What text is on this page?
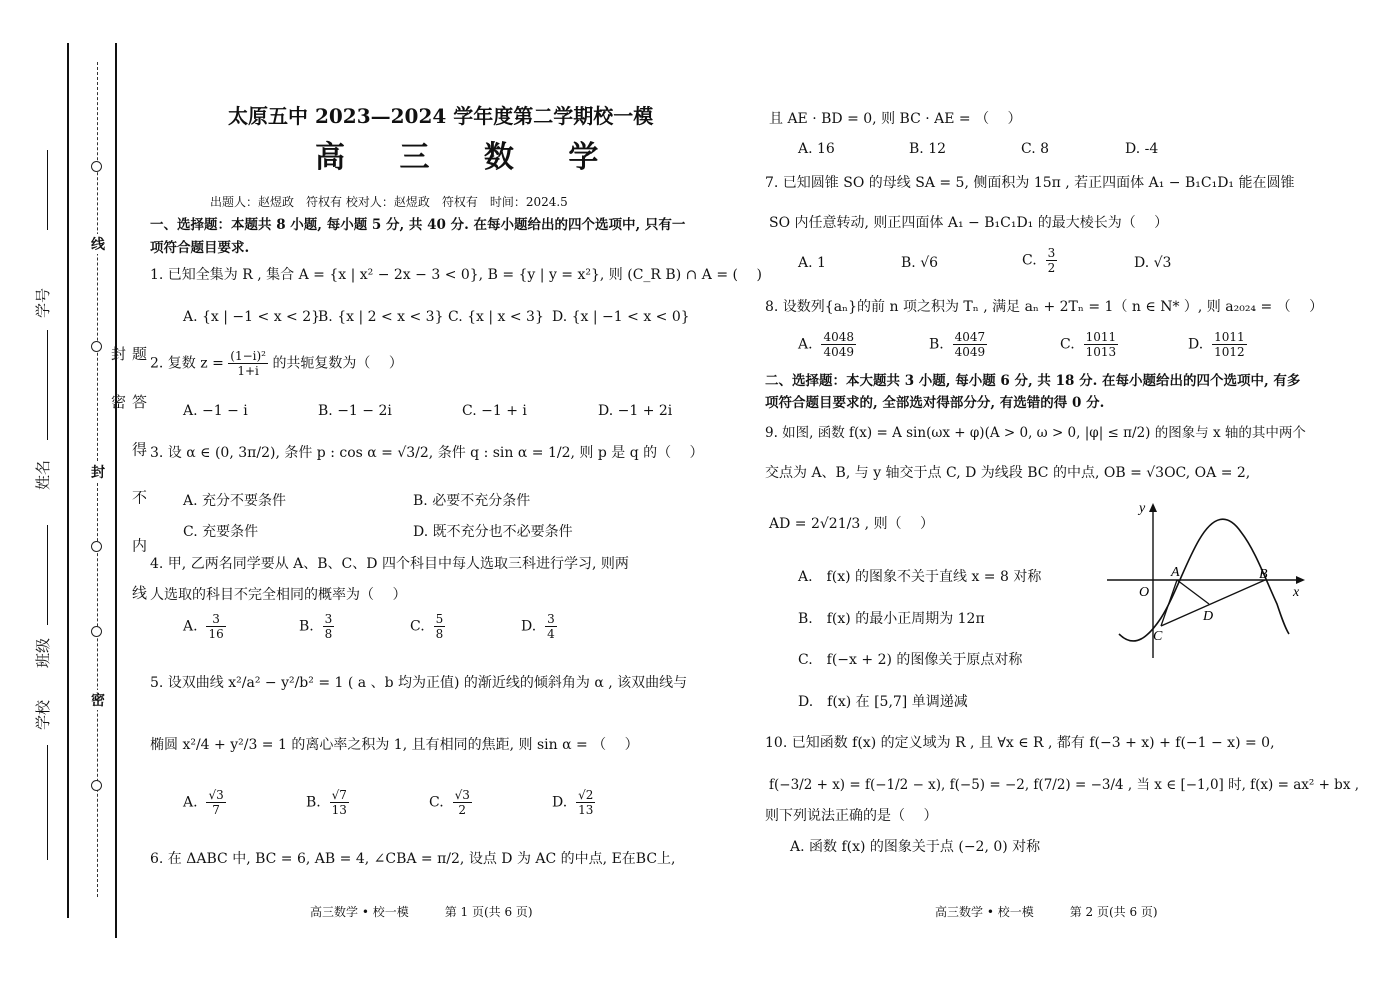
学号
姓名
班级
学校
线
封
密
题 答 得 不 内 线 封 密
太原五中 2023—2024 学年度第二学期校一模
高 三 数 学
出题人：赵煜政　符权有 校对人：赵煜政　符权有　时间：2024.5
一、选择题：本题共 8 小题, 每小题 5 分, 共 40 分. 在每小题给出的四个选项中, 只有一
项符合题目要求.
1. 已知全集为 R , 集合 A = {x | x² − 2x − 3 < 0}, B = {y | y = x²}, 则 (C_R B) ∩ A = (　 )
A. {x | −1 < x < 2}
B. {x | 2 < x < 3} C. {x | x < 3} D. {x | −1 < x < 0}
2. 复数 $z = \frac{\text{(1−i)²}}{1+i}$ 的共轭复数为（　 ）
A. −1 − i	B. −1 − 2i	C. −1 + i	D. −1 + 2i
3. 设 α ∈ (0, 3π/2), 条件 p : cos α = √3/2, 条件 q : sin α = 1/2, 则 p 是 q 的（　 ）
A. 充分不要条件	B. 必要不充分条件
C. 充要条件	D. 既不充分也不必要条件
4. 甲, 乙两名同学要从 A、B、C、D 四个科目中每人选取三科进行学习, 则两
人选取的科目不完全相同的概率为（　 ）
A. $\frac{3}{16}$	B. $\frac{3}{8}$	C. $\frac{5}{8}$	D. $\frac{3}{4}$
5. 设双曲线 x²/a² − y²/b² = 1 ( a 、b 均为正值) 的渐近线的倾斜角为 α , 该双曲线与
椭圆 x²/4 + y²/3 = 1 的离心率之积为 1, 且有相同的焦距, 则 sin α = （　 ）
A. $\frac{√3}{7}$	B. $\frac{√7}{13}$	C. $\frac{√3}{2}$	D. $\frac{√2}{13}$
6. 在 ΔABC 中, BC = 6, AB = 4, ∠CBA = π/2, 设点 D 为 AC 的中点, E在BC上,
高三数学 • 校一模　　　第 1 页(共 6 页)
且 AE · BD = 0, 则 BC · AE = （　 ）
A. 16	B. 12	C. 8	D. -4
7. 已知圆锥 SO 的母线 SA = 5, 侧面积为 15π , 若正四面体 A₁ − B₁C₁D₁ 能在圆锥
SO 内任意转动, 则正四面体 A₁ − B₁C₁D₁ 的最大棱长为（　 ）
A. 1	B. √6	C. $\frac{3}{2}$	D. √3
8. 设数列{aₙ}的前 n 项之积为 Tₙ , 满足 aₙ + 2Tₙ = 1（ n ∈ N* ）, 则 a₂₀₂₄ = （　 ）
A. $\frac{4048}{4049}$	B. $\frac{4047}{4049}$	C. $\frac{1011}{1013}$	D. $\frac{1011}{1012}$
二、选择题：本大题共 3 小题, 每小题 6 分, 共 18 分. 在每小题给出的四个选项中, 有多
项符合题目要求的, 全部选对得部分分, 有选错的得 0 分.
9. 如图, 函数 f(x) = A sin(ωx + φ)(A > 0, ω > 0, |φ| ≤ π/2) 的图象与 x 轴的其中两个
交点为 A、B, 与 y 轴交于点 C, D 为线段 BC 的中点, OB = √3OC, OA = 2,
AD = 2√21/3 , 则（　 ）
A.　f(x) 的图象不关于直线 x = 8 对称
B.　f(x) 的最小正周期为 12π
C.　f(−x + 2) 的图像关于原点对称
D.　f(x) 在 [5,7] 单调递减
y
x
O
A	B
C
D
10. 已知函数 f(x) 的定义域为 R , 且 ∀x ∈ R , 都有 f(−3 + x) + f(−1 − x) = 0,
f(−3/2 + x) = f(−1/2 − x), f(−5) = −2, f(7/2) = −3/4 , 当 x ∈ [−1,0] 时, f(x) = ax² + bx ,
则下列说法正确的是（　 ）
A. 函数 f(x) 的图象关于点 (−2, 0) 对称
高三数学 • 校一模　　　第 2 页(共 6 页)
